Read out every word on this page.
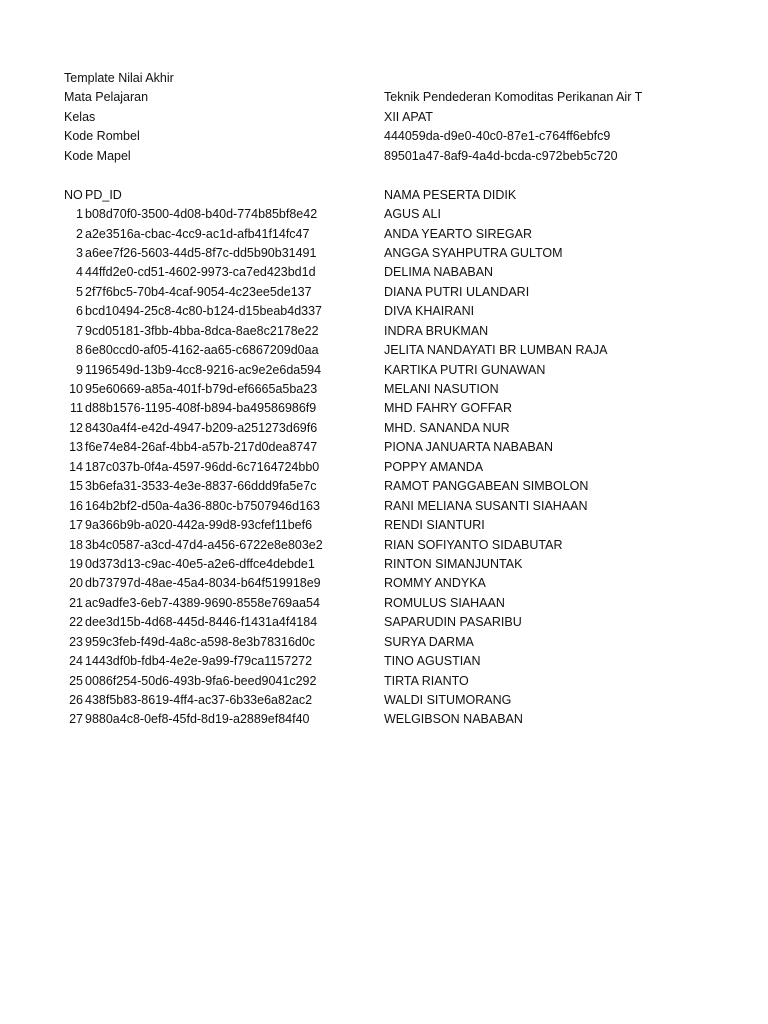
Template Nilai Akhir
Mata Pelajaran	Teknik Pendederan Komoditas Perikanan Air T
Kelas	XII APAT
Kode Rombel	444059da-d9e0-40c0-87e1-c764ff6ebfc9
Kode Mapel	89501a47-8af9-4a4d-bcda-c972beb5c720
NO PD_ID	NAMA PESERTA DIDIK
1 b08d70f0-3500-4d08-b40d-774b85bf8e42	AGUS ALI
2 a2e3516a-cbac-4cc9-ac1d-afb41f14fc47	ANDA YEARTO SIREGAR
3 a6ee7f26-5603-44d5-8f7c-dd5b90b31491	ANGGA SYAHPUTRA GULTOM
4 44ffd2e0-cd51-4602-9973-ca7ed423bd1d	DELIMA NABABAN
5 2f7f6bc5-70b4-4caf-9054-4c23ee5de137	DIANA PUTRI ULANDARI
6 bcd10494-25c8-4c80-b124-d15beab4d337	DIVA KHAIRANI
7 9cd05181-3fbb-4bba-8dca-8ae8c2178e22	INDRA BRUKMAN
8 6e80ccd0-af05-4162-aa65-c6867209d0aa	JELITA NANDAYATI BR LUMBAN RAJA
9 1196549d-13b9-4cc8-9216-ac9e2e6da594	KARTIKA PUTRI GUNAWAN
10 95e60669-a85a-401f-b79d-ef6665a5ba23	MELANI NASUTION
11 d88b1576-1195-408f-b894-ba49586986f9	MHD FAHRY GOFFAR
12 8430a4f4-e42d-4947-b209-a251273d69f6	MHD. SANANDA NUR
13 f6e74e84-26af-4bb4-a57b-217d0dea8747	PIONA JANUARTA NABABAN
14 187c037b-0f4a-4597-96dd-6c7164724bb0	POPPY AMANDA
15 3b6efa31-3533-4e3e-8837-66ddd9fa5e7c	RAMOT PANGGABEAN SIMBOLON
16 164b2bf2-d50a-4a36-880c-b7507946d163	RANI MELIANA SUSANTI SIAHAAN
17 9a366b9b-a020-442a-99d8-93cfef11bef6	RENDI SIANTURI
18 3b4c0587-a3cd-47d4-a456-6722e8e803e2	RIAN SOFIYANTO SIDABUTAR
19 0d373d13-c9ac-40e5-a2e6-dffce4debde1	RINTON SIMANJUNTAK
20 db73797d-48ae-45a4-8034-b64f519918e9	ROMMY ANDYKA
21 ac9adfe3-6eb7-4389-9690-8558e769aa54	ROMULUS SIAHAAN
22 dee3d15b-4d68-445d-8446-f1431a4f4184	SAPARUDIN PASARIBU
23 959c3feb-f49d-4a8c-a598-8e3b78316d0c	SURYA DARMA
24 1443df0b-fdb4-4e2e-9a99-f79ca1157272	TINO AGUSTIAN
25 0086f254-50d6-493b-9fa6-beed9041c292	TIRTA RIANTO
26 438f5b83-8619-4ff4-ac37-6b33e6a82ac2	WALDI SITUMORANG
27 9880a4c8-0ef8-45fd-8d19-a2889ef84f40	WELGIBSON NABABAN
